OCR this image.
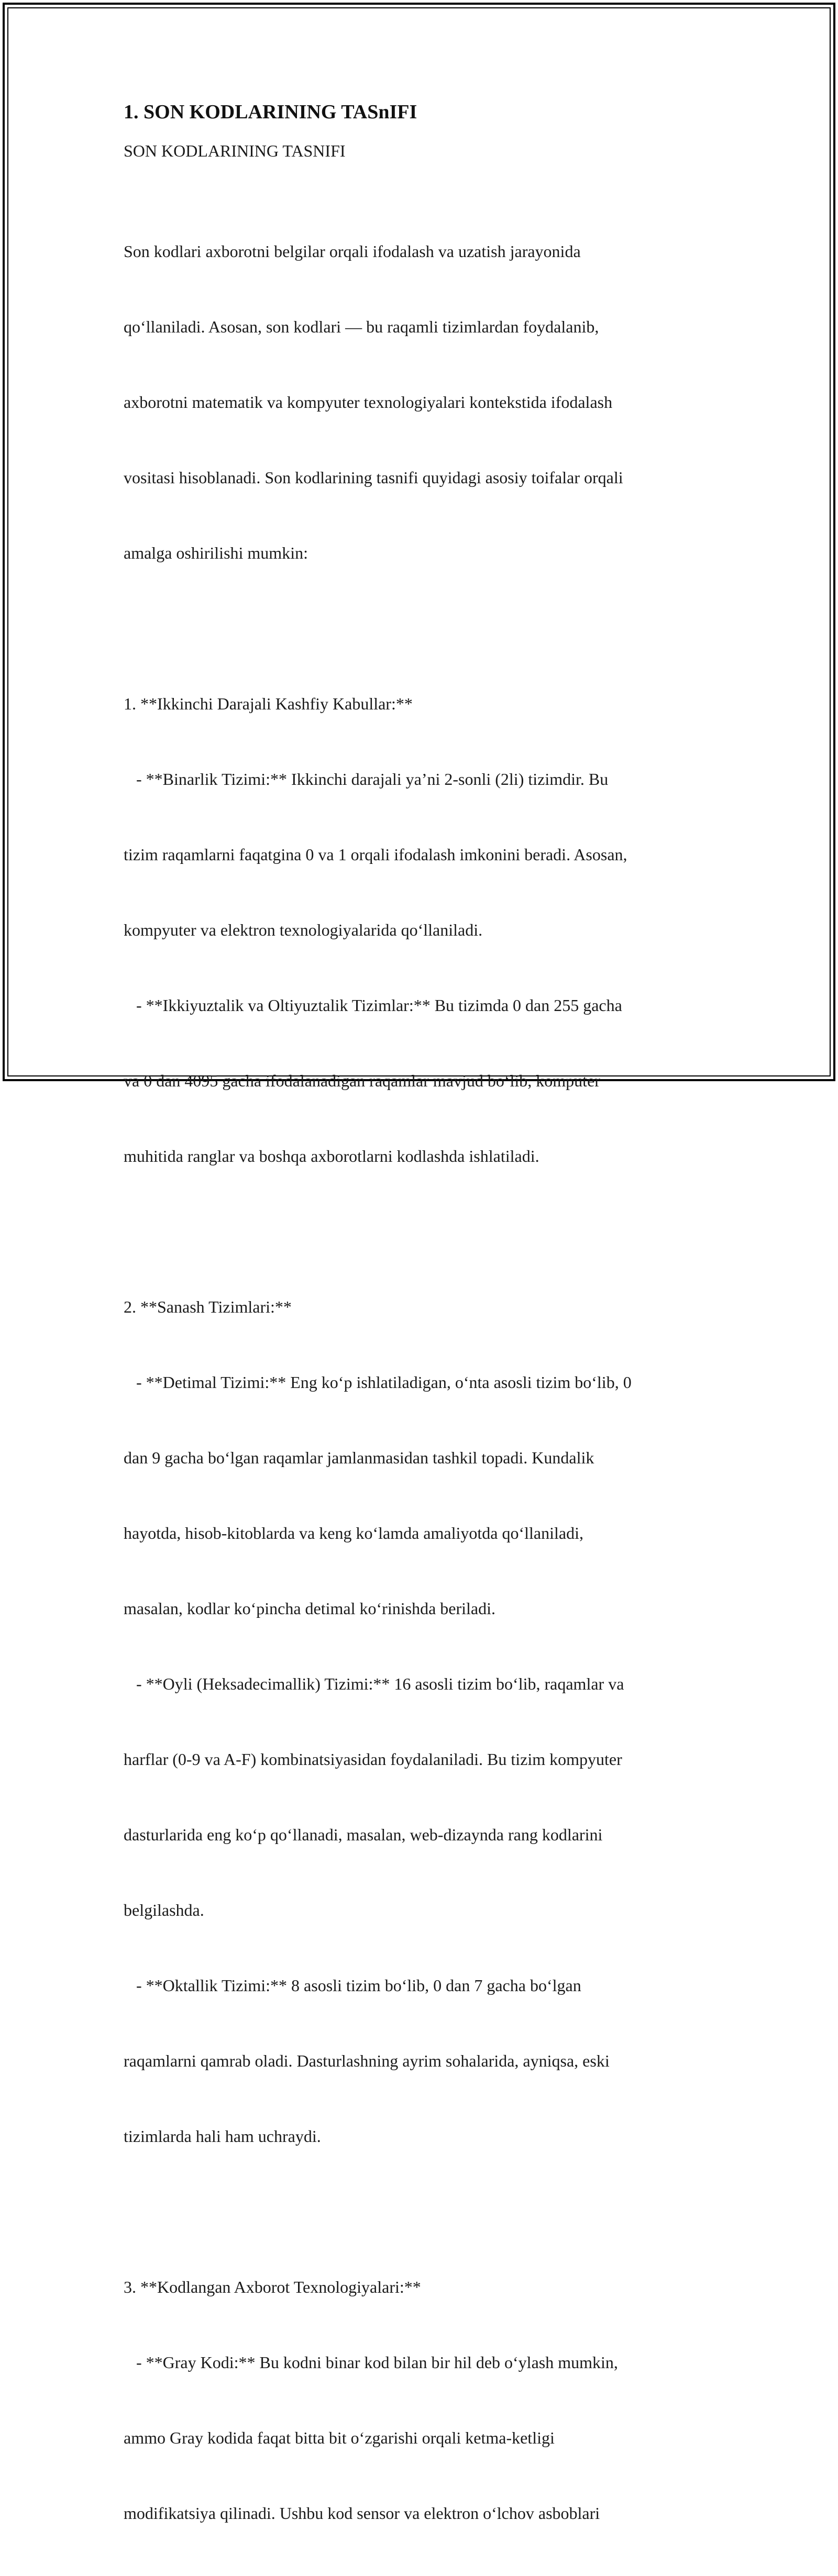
1. SON KODLARINING TASnIFI

SON KODLARINING TASNIFI

Son kodlari axborotni belgilar orqali ifodalash va uzatish jarayonida

qo‘llaniladi. Asosan, son kodlari — bu raqamli tizimlardan foydalanib,

axborotni matematik va kompyuter texnologiyalari kontekstida ifodalash

vositasi hisoblanadi. Son kodlarining tasnifi quyidagi asosiy toifalar orqali

amalga oshirilishi mumkin:

1. **Ikkinchi Darajali Kashfiy Kabullar:**

- **Binarlik Tizimi:** Ikkinchi darajali ya’ni 2-sonli (2li) tizimdir. Bu

tizim raqamlarni faqatgina 0 va 1 orqali ifodalash imkonini beradi. Asosan,

kompyuter va elektron texnologiyalarida qo‘llaniladi.

- **Ikkiyuztalik va Oltiyuztalik Tizimlar:** Bu tizimda 0 dan 255 gacha

va 0 dan 4095 gacha ifodalanadigan raqamlar mavjud bo‘lib, komputer

muhitida ranglar va boshqa axborotlarni kodlashda ishlatiladi.

2. **Sanash Tizimlari:**

- **Detimal Tizimi:** Eng ko‘p ishlatiladigan, o‘nta asosli tizim bo‘lib, 0

dan 9 gacha bo‘lgan raqamlar jamlanmasidan tashkil topadi. Kundalik

hayotda, hisob-kitoblarda va keng ko‘lamda amaliyotda qo‘llaniladi,

masalan, kodlar ko‘pincha detimal ko‘rinishda beriladi.

- **Oyli (Heksadecimallik) Tizimi:** 16 asosli tizim bo‘lib, raqamlar va

harflar (0-9 va A-F) kombinatsiyasidan foydalaniladi. Bu tizim kompyuter

dasturlarida eng ko‘p qo‘llanadi, masalan, web-dizaynda rang kodlarini

belgilashda.

- **Oktallik Tizimi:** 8 asosli tizim bo‘lib, 0 dan 7 gacha bo‘lgan

raqamlarni qamrab oladi. Dasturlashning ayrim sohalarida, ayniqsa, eski

tizimlarda hali ham uchraydi.

3. **Kodlangan Axborot Texnologiyalari:**

- **Gray Kodi:** Bu kodni binar kod bilan bir hil deb o‘ylash mumkin,

ammo Gray kodida faqat bitta bit o‘zgarishi orqali ketma-ketligi

modifikatsiya qilinadi. Ushbu kod sensor va elektron o‘lchov asboblari
